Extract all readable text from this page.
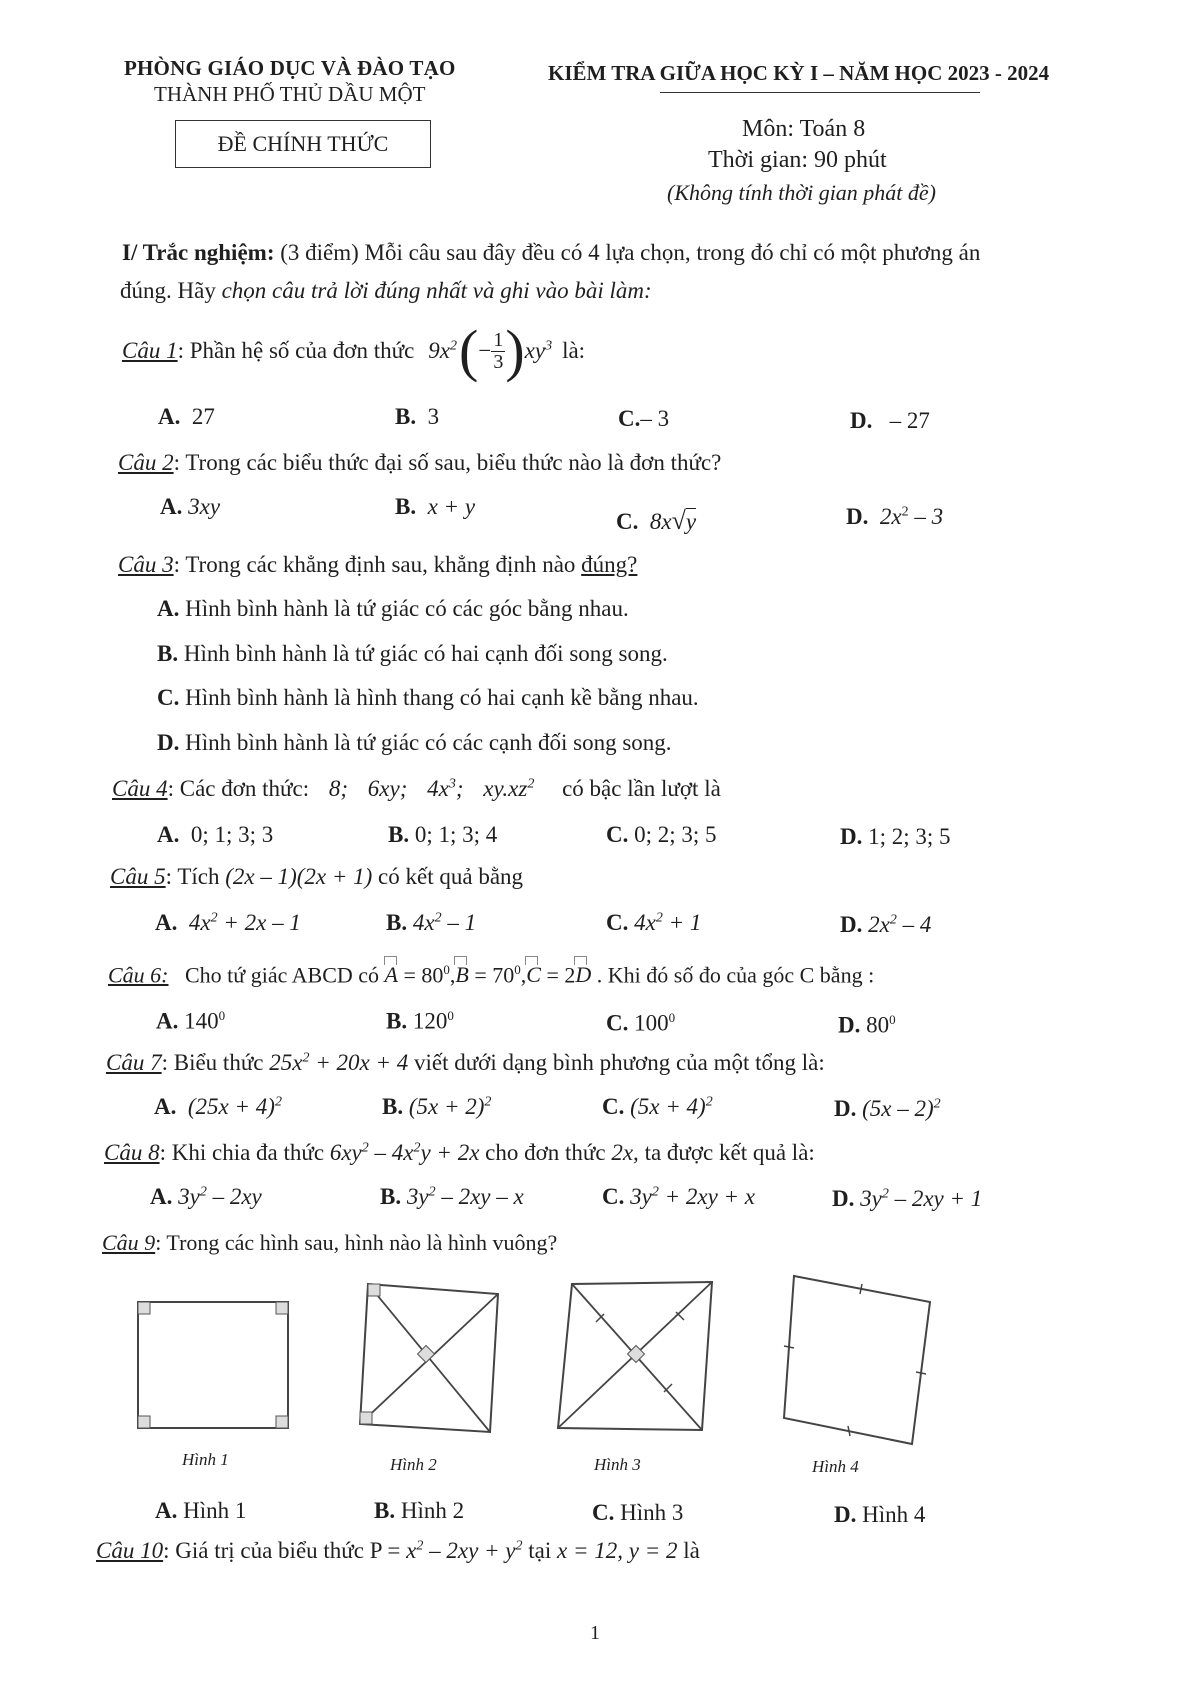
PHÒNG GIÁO DỤC VÀ ĐÀO TẠO
THÀNH PHỐ THỦ DẦU MỘT
ĐỀ CHÍNH THỨC
KIỂM TRA GIỮA HỌC KỲ I – NĂM HỌC 2023 - 2024
Môn: Toán 8
Thời gian: 90 phút
(Không tính thời gian phát đề)
I/ Trắc nghiệm: (3 điểm) Mỗi câu sau đây đều có 4 lựa chọn, trong đó chỉ có một phương án
đúng. Hãy chọn câu trả lời đúng nhất và ghi vào bài làm:
Câu 1 : Phần hệ số của đơn thức $9x^2$ ( − $\frac{1}{3}$ ) $xy^3$ là:
A. 27	B. 3	C.– 3	D. – 27
Câu 2: Trong các biểu thức đại số sau, biểu thức nào là đơn thức?
A. 3xy	B. x + y
C. 8x√y	D. $2x^2 - 3$
Câu 3: Trong các khẳng định sau, khẳng định nào đúng?
A. Hình bình hành là tứ giác có các góc bằng nhau.
B. Hình bình hành là tứ giác có hai cạnh đối song song.
C. Hình bình hành là hình thang có hai cạnh kề bằng nhau.
D. Hình bình hành là tứ giác có các cạnh đối song song.
Câu 4: Các đơn thức: 8; 6xy; $4x^3$; $xy.xz^2$ có bậc lần lượt là
A. 0; 1; 3; 3	B. 0; 1; 3; 4	C. 0; 2; 3; 5	D. 1; 2; 3; 5
Câu 5: Tích (2x – 1)(2x + 1) có kết quả bằng
A. $4x^2 + 2x - 1$	B. $4x^2 - 1$	C. $4x^2 + 1$	D. $2x^2 - 4$
Câu 6: Cho tứ giác ABCD có $A = 80^0,B = 70^0,C = 2D$ . Khi đó số đo của góc C bằng :
A. $140^0$	B. $120^0$	C. $100^0$	D. $80^0$
Câu 7: Biểu thức $25x^2 + 20x + 4$ viết dưới dạng bình phương của một tổng là:
A. $(25x + 4)^2$	B. $(5x + 2)^2$	C. $(5x + 4)^2$	D. (5x – 2)$^2$
Câu 8: Khi chia đa thức $6xy^2 - 4x^2y + 2x$ cho đơn thức 2x, ta được kết quả là:
A. $3y^2 - 2xy$	B. $3y^2 - 2xy$ – x	C. $3y^2 + 2xy + x$	D. $3y^2 - 2xy + 1$
Câu 9: Trong các hình sau, hình nào là hình vuông?
Hình 1	Hình 2	Hình 3	Hình 4
A. Hình 1	B. Hình 2	C. Hình 3	D. Hình 4
Câu 10: Giá trị của biểu thức $P = x^2 - 2xy + y^2$ tại x = 12, y = 2 là
1
